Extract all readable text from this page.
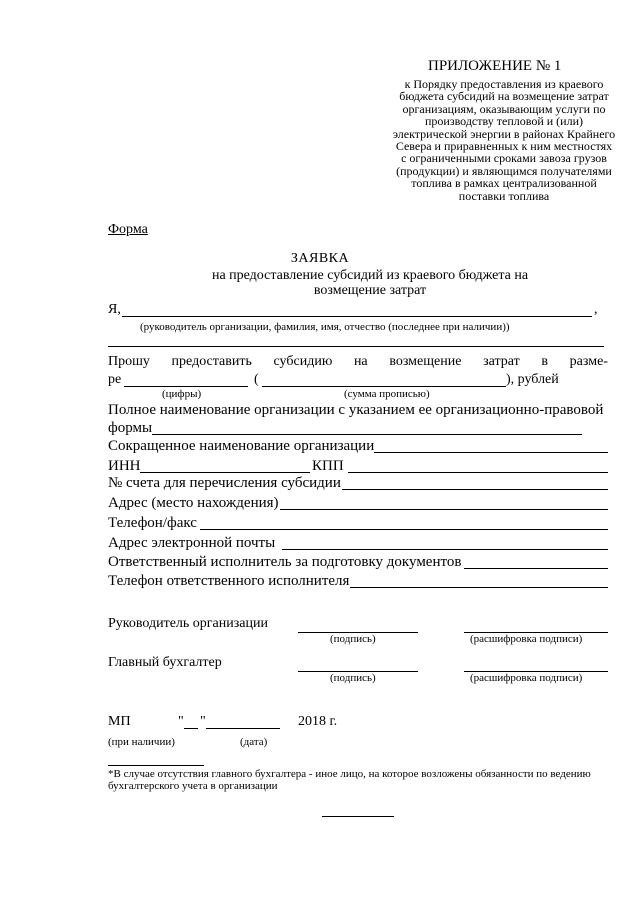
ПРИЛОЖЕНИЕ № 1
к Порядку предоставления из краевого бюджета субсидий на возмещение затрат организациям, оказывающим услуги по производству тепловой и (или) электрической энергии в районах Крайнего Севера и приравненных к ним местностях с ограниченными сроками завоза грузов (продукции) и являющимся получателями топлива в рамках централизованной поставки топлива
Форма
ЗАЯВКА
на предоставление субсидий из краевого бюджета на возмещение затрат
Я,	,
(руководитель организации, фамилия, имя, отчество (последнее при наличии))
Прошу предоставить субсидию на возмещение затрат в разме-
ре	(	), рублей
(цифры)	(сумма прописью)
Полное наименование организации с указанием ее организационно-правовой
формы
Сокращенное наименование организации
ИНН	КПП
№ счета для перечисления субсидии
Адрес (место нахождения)
Телефон/факс
Адрес электронной почты
Ответственный исполнитель за подготовку документов
Телефон ответственного исполнителя
Руководитель организации
(подпись)	(расшифровка подписи)
Главный бухгалтер
(подпись)	(расшифровка подписи)
МП	" "	2018 г.
(при наличии)	(дата)
*В случае отсутствия главного бухгалтера - иное лицо, на которое возложены обязанности по ведению бухгалтерского учета в организации
